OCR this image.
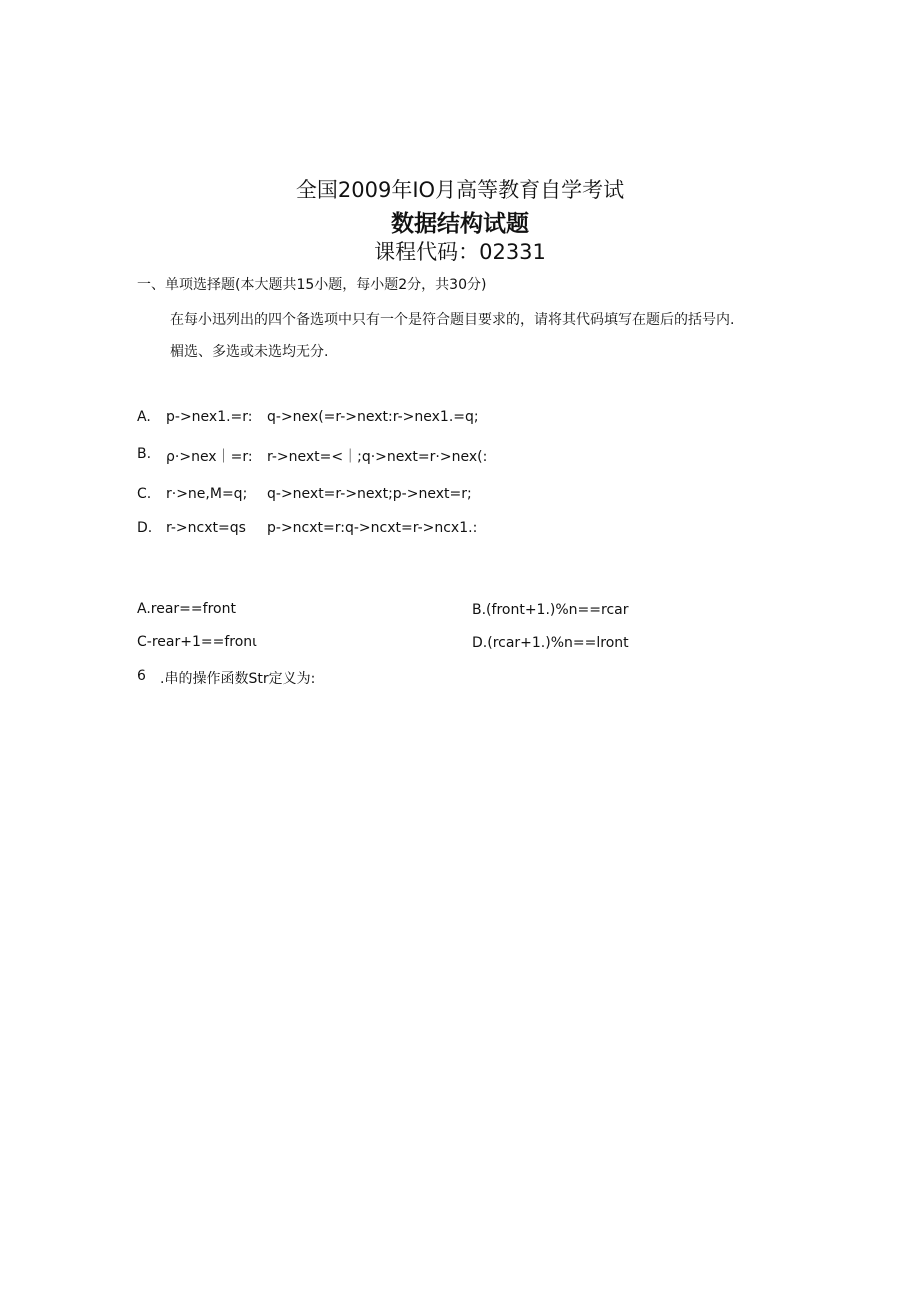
全国2009年IO月高等教育自学考试
数据结构试题
课程代码：02331
一、单项选择题(本大题共15小题，每小题2分，共30分)
在每小迅列出的四个备选项中只有一个是符合题目要求的，请将其代码填写在题后的括号内.
楣选、多选或未选均无分.
A. p->nex1.=r: q->nex(=r->next:r->nex1.=q;
B. ρ·>nex｜=r: r->next=<｜;q·>next=r·>nex(:
C. r·>ne,M=q; q->next=r->next;p->next=r;
D. r->ncxt=qs p->ncxt=r:q->ncxt=r->ncx1.:
A.rear==front	B.(front+1.)%n==rcar
C-rear+1==fronι	D.(rcar+1.)%n==lront
6 .串的操作函数Str定义为:
